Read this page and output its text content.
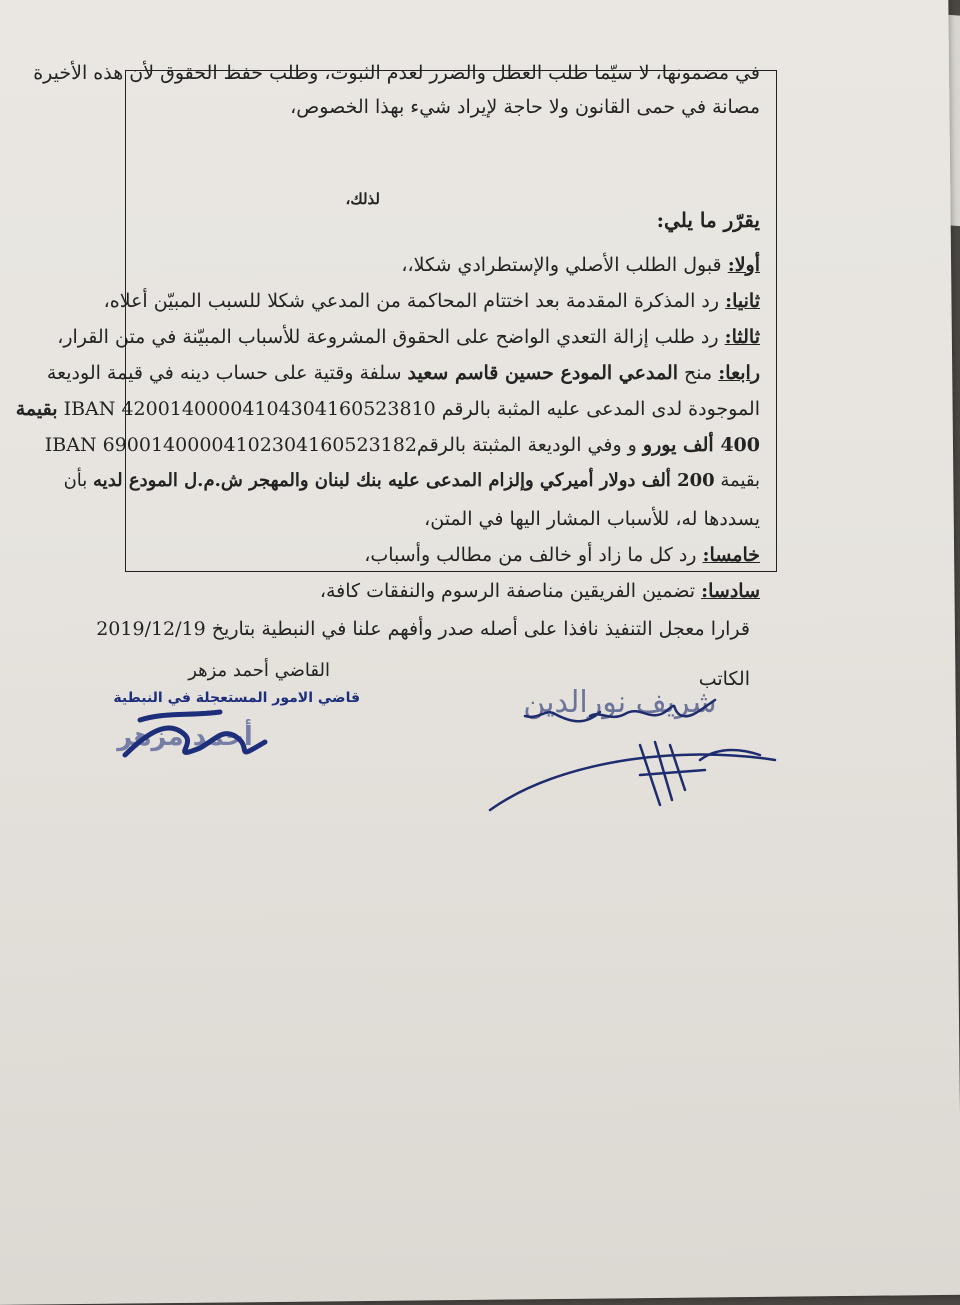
في مضمونها، لا سيّما طلب العطل والضرر لعدم الثبوت، وطلب حفظ الحقوق لأن هذه الأخيرة
مصانة في حمى القانون ولا حاجة لإيراد شيء بهذا الخصوص،
لذلك،
يقرّر ما يلي:
أولا: قبول الطلب الأصلي والإستطرادي شكلا،،
ثانيا: رد المذكرة المقدمة بعد اختتام المحاكمة من المدعي شكلا للسبب المبيّن أعلاه،
ثالثا: رد طلب إزالة التعدي الواضح على الحقوق المشروعة للأسباب المبيّنة في متن القرار،
رابعا: منح المدعي المودع حسين قاسم سعيد سلفة وقتية على حساب دينه في قيمة الوديعة
الموجودة لدى المدعى عليه المثبة بالرقم IBAN 42001400004104304160523810 بقيمة
400 ألف يورو و وفي الوديعة المثبتة بالرقمIBAN 69001400004102304160523182
بقيمة 200 ألف دولار أميركي وإلزام المدعى عليه بنك لبنان والمهجر ش.م.ل المودع لديه بأن
يسددها له، للأسباب المشار اليها في المتن،
خامسا: رد كل ما زاد أو خالف من مطالب وأسباب،
سادسا: تضمين الفريقين مناصفة الرسوم والنفقات كافة،
قرارا معجل التنفيذ نافذا على أصله صدر وأفهم علنا في النبطية بتاريخ 2019/12/19
الكاتب
القاضي أحمد مزهر
قاضي الامور المستعجلة في النبطية
أحمد مزهر
شريف نورالدين
